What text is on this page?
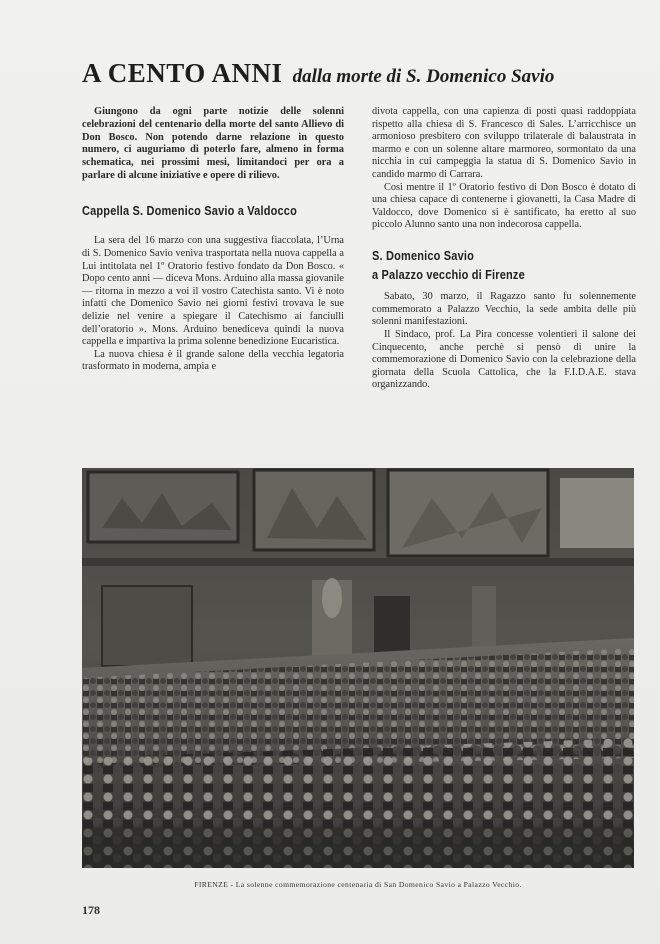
A CENTO ANNI dalla morte di S. Domenico Savio

Giungono da ogni parte notizie delle solenni celebrazioni del centenario della morte del santo Allievo di Don Bosco. Non potendo darne relazione in questo numero, ci auguriamo di poterlo fare, almeno in forma schematica, nei prossimi mesi, limitandoci per ora a parlare di alcune iniziative e opere di rilievo.

Cappella S. Domenico Savio a Valdocco

La sera del 16 marzo con una suggestiva fiaccolata, l’Urna di S. Domenico Savio veniva trasportata nella nuova cappella a Lui intitolata nel 1º Oratorio festivo fondato da Don Bosco. « Dopo cento anni — diceva Mons. Arduino alla massa giovanile — ritorna in mezzo a voi il vostro Catechista santo. Vi è noto infatti che Domenico Savio nei giorni festivi trovava le sue delizie nel venire a spiegare il Catechismo ai fanciulli dell’oratorio ». Mons. Arduino benediceva quindi la nuova cappella e impartiva la prima solenne benedizione Eucaristica.

La nuova chiesa è il grande salone della vecchia legatoria trasformato in moderna, ampia e

divota cappella, con una capienza di posti quasi raddoppiata rispetto alla chiesa di S. Francesco di Sales. L’arricchisce un armonioso presbitero con sviluppo trilaterale di balaustrata in marmo e con un solenne altare marmoreo, sormontato da una nicchia in cui campeggia la statua di S. Domenico Savio in candido marmo di Carrara.

Così mentre il 1º Oratorio festivo di Don Bosco è dotato di una chiesa capace di contenerne i giovanetti, la Casa Madre di Valdocco, dove Domenico si è santificato, ha eretto al suo piccolo Alunno santo una non indecorosa cappella.

S. Domenico Savio

a Palazzo vecchio di Firenze

Sabato, 30 marzo, il Ragazzo santo fu solennemente commemorato a Palazzo Vecchio, la sede ambita delle più solenni manifestazioni.

Il Sindaco, prof. La Pira concesse volentieri il salone dei Cinquecento, anche perchè si pensò di unire la commemorazione di Domenico Savio con la celebrazione della giornata della Scuola Cattolica, che la F.I.D.A.E. stava organizzando.

FIRENZE - La solenne commemorazione centenaria di San Domenico Savio a Palazzo Vecchio.
178
